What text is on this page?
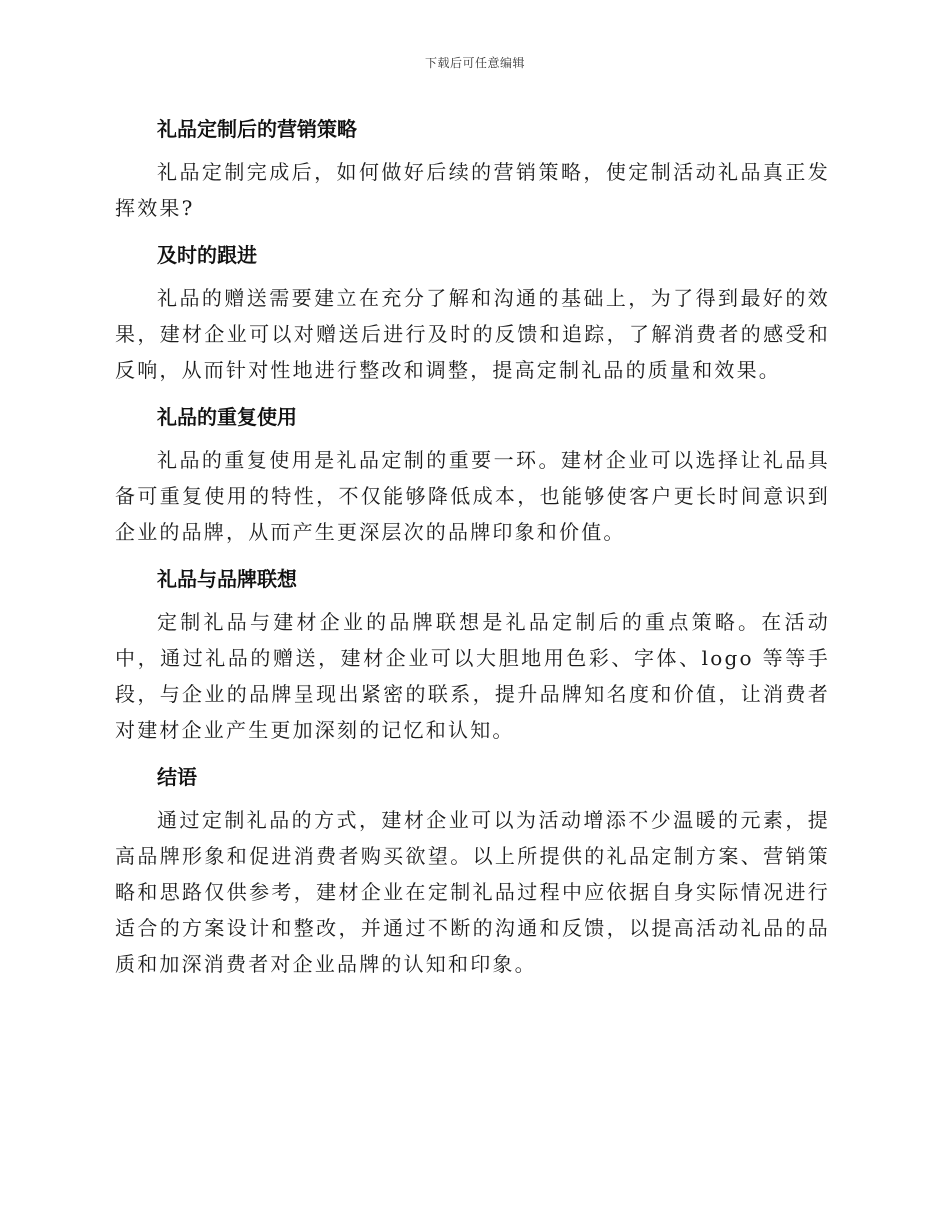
下载后可任意编辑
礼品定制后的营销策略

礼品定制完成后，如何做好后续的营销策略，使定制活动礼品真正发挥效果?

及时的跟进

礼品的赠送需要建立在充分了解和沟通的基础上，为了得到最好的效果，建材企业可以对赠送后进行及时的反馈和追踪，了解消费者的感受和反响，从而针对性地进行整改和调整，提高定制礼品的质量和效果。

礼品的重复使用

礼品的重复使用是礼品定制的重要一环。建材企业可以选择让礼品具备可重复使用的特性，不仅能够降低成本，也能够使客户更长时间意识到企业的品牌，从而产生更深层次的品牌印象和价值。

礼品与品牌联想

定制礼品与建材企业的品牌联想是礼品定制后的重点策略。在活动中，通过礼品的赠送，建材企业可以大胆地用色彩、字体、logo 等等手段，与企业的品牌呈现出紧密的联系，提升品牌知名度和价值，让消费者对建材企业产生更加深刻的记忆和认知。

结语

通过定制礼品的方式，建材企业可以为活动增添不少温暖的元素，提高品牌形象和促进消费者购买欲望。以上所提供的礼品定制方案、营销策略和思路仅供参考，建材企业在定制礼品过程中应依据自身实际情况进行适合的方案设计和整改，并通过不断的沟通和反馈，以提高活动礼品的品质和加深消费者对企业品牌的认知和印象。
